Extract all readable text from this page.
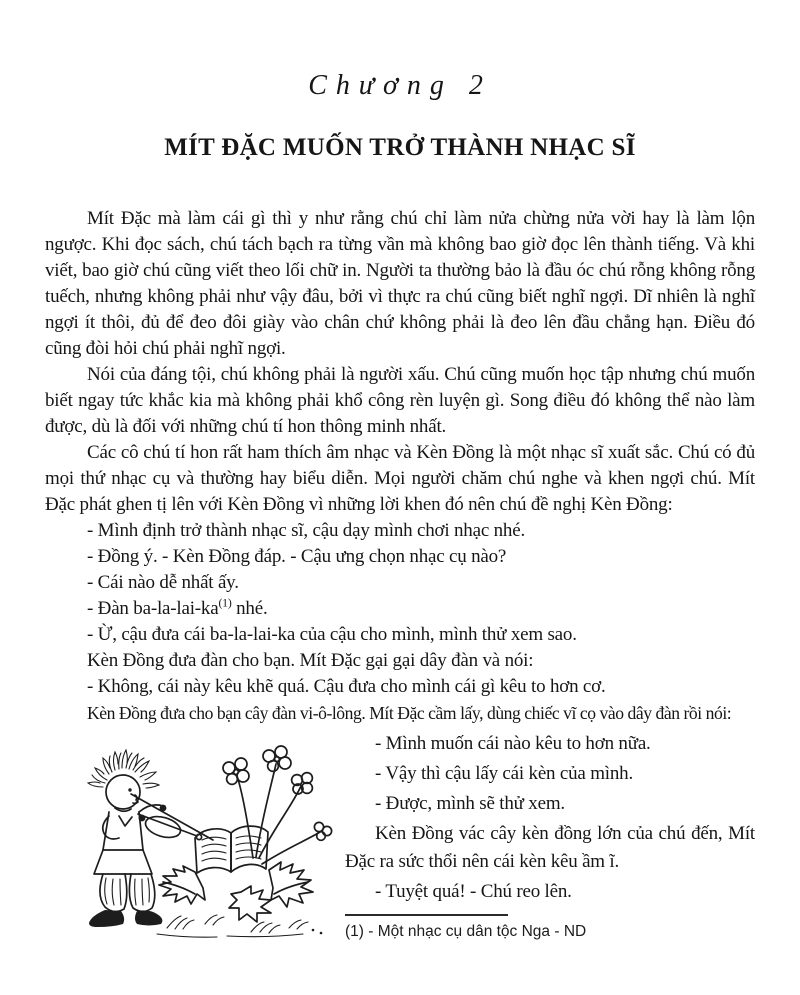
Chương 2

MÍT ĐẶC MUỐN TRỞ THÀNH NHẠC SĨ

Mít Đặc mà làm cái gì thì y như rằng chú chỉ làm nửa chừng nửa vời hay là làm lộn ngược. Khi đọc sách, chú tách bạch ra từng vần mà không bao giờ đọc lên thành tiếng. Và khi viết, bao giờ chú cũng viết theo lối chữ in. Người ta thường bảo là đầu óc chú rỗng không rỗng tuếch, nhưng không phải như vậy đâu, bởi vì thực ra chú cũng biết nghĩ ngợi. Dĩ nhiên là nghĩ ngợi ít thôi, đủ để đeo đôi giày vào chân chứ không phải là đeo lên đầu chẳng hạn. Điều đó cũng đòi hỏi chú phải nghĩ ngợi.

Nói của đáng tội, chú không phải là người xấu. Chú cũng muốn học tập nhưng chú muốn biết ngay tức khắc kia mà không phải khổ công rèn luyện gì. Song điều đó không thể nào làm được, dù là đối với những chú tí hon thông minh nhất.

Các cô chú tí hon rất ham thích âm nhạc và Kèn Đồng là một nhạc sĩ xuất sắc. Chú có đủ mọi thứ nhạc cụ và thường hay biểu diễn. Mọi người chăm chú nghe và khen ngợi chú. Mít Đặc phát ghen tị lên với Kèn Đồng vì những lời khen đó nên chú đề nghị Kèn Đồng:

- Mình định trở thành nhạc sĩ, cậu dạy mình chơi nhạc nhé.

- Đồng ý. - Kèn Đồng đáp. - Cậu ưng chọn nhạc cụ nào?

- Cái nào dễ nhất ấy.

- Đàn ba-la-lai-ka$^{(1)}$ nhé.

- Ừ, cậu đưa cái ba-la-lai-ka của cậu cho mình, mình thử xem sao.

Kèn Đồng đưa đàn cho bạn. Mít Đặc gại gại dây đàn và nói:

- Không, cái này kêu khẽ quá. Cậu đưa cho mình cái gì kêu to hơn cơ.

Kèn Đồng đưa cho bạn cây đàn vi-ô-lông. Mít Đặc cầm lấy, dùng chiếc vĩ cọ vào dây đàn rồi nói:

- Mình muốn cái nào kêu to hơn nữa.

- Vậy thì cậu lấy cái kèn của mình.

- Được, mình sẽ thử xem.

Kèn Đồng vác cây kèn đồng lớn của chú đến, Mít Đặc ra sức thổi nên cái kèn kêu ầm ĩ.

- Tuyệt quá! - Chú reo lên.

(1) - Một nhạc cụ dân tộc Nga - ND
